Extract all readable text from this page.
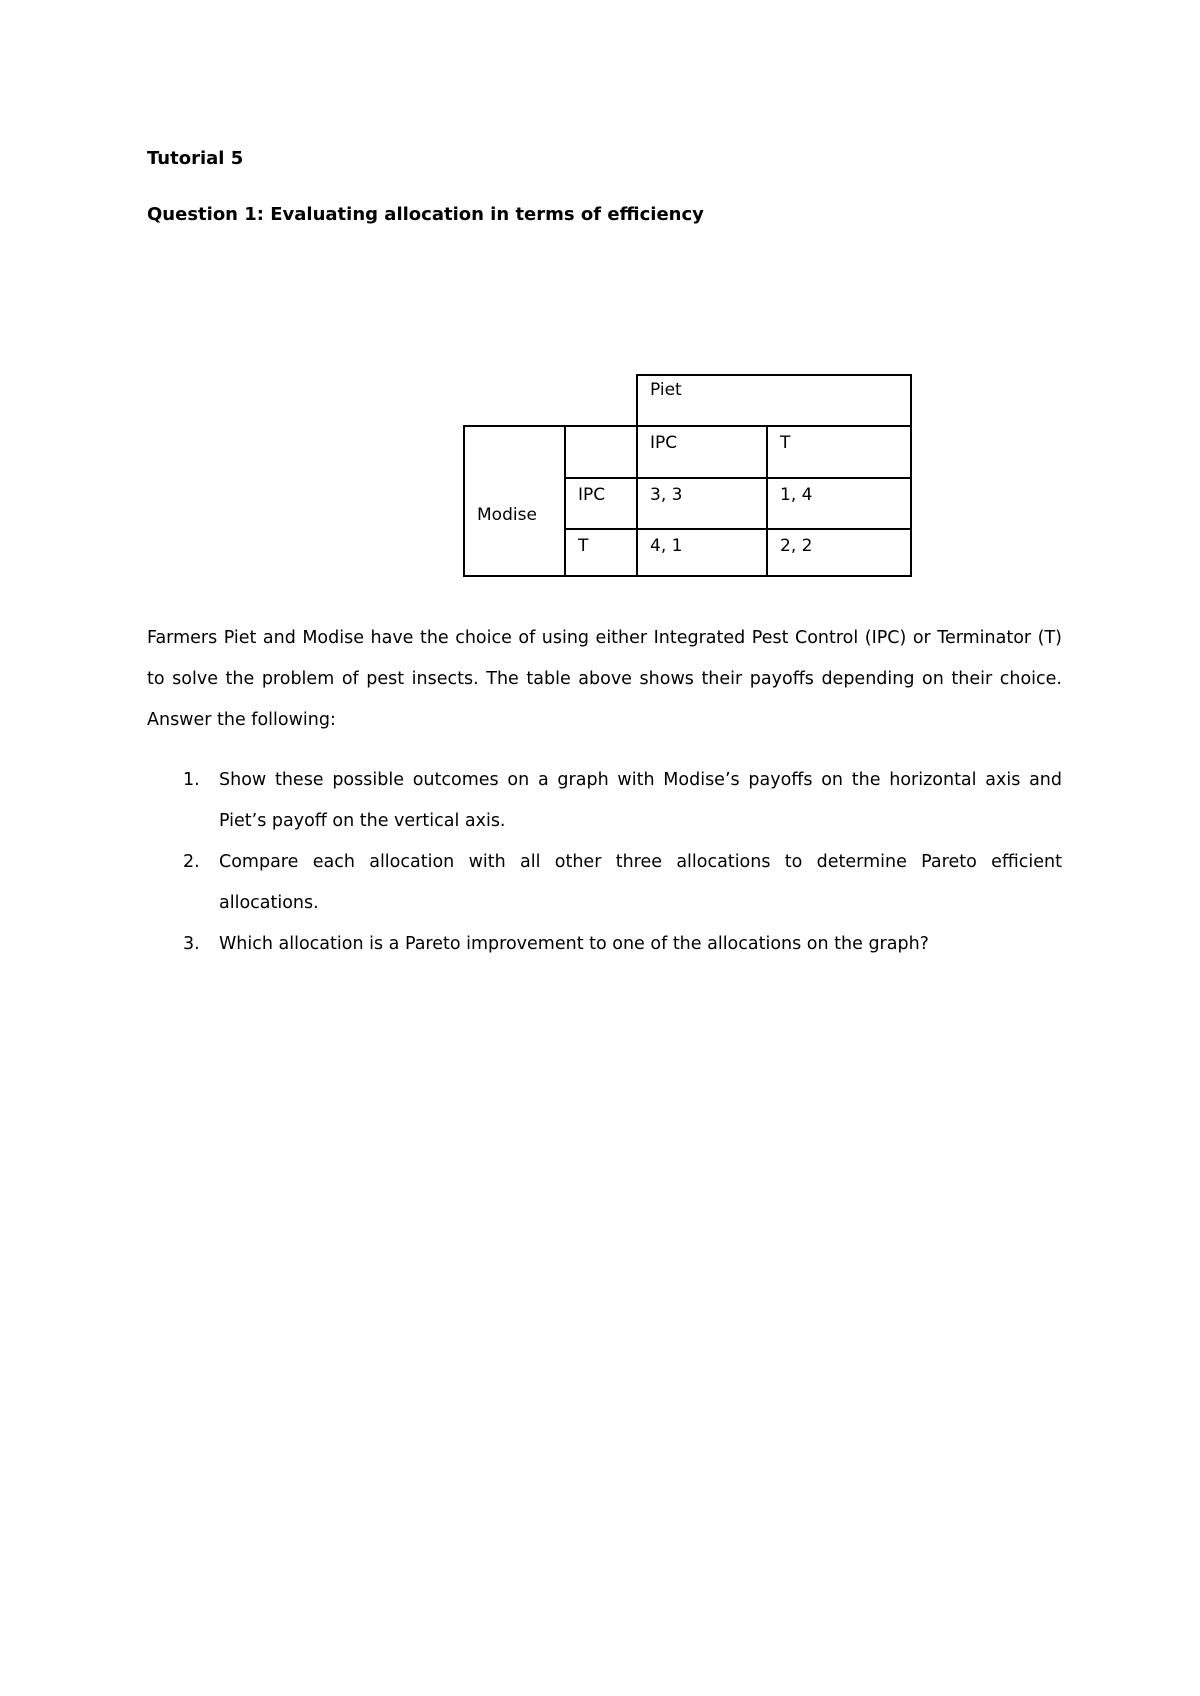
Tutorial 5

Question 1: Evaluating allocation in terms of efficiency

		Piet	
Modise		IPC	T
	IPC	3, 3	1, 4
	T	4, 1	2, 2

Farmers Piet and Modise have the choice of using either Integrated Pest Control (IPC) or Terminator (T) to solve the problem of pest insects. The table above shows their payoffs depending on their choice. Answer the following:

1. Show these possible outcomes on a graph with Modise’s payoffs on the horizontal axis and Piet’s payoff on the vertical axis.
2. Compare each allocation with all other three allocations to determine Pareto efficient allocations.
3. Which allocation is a Pareto improvement to one of the allocations on the graph?
